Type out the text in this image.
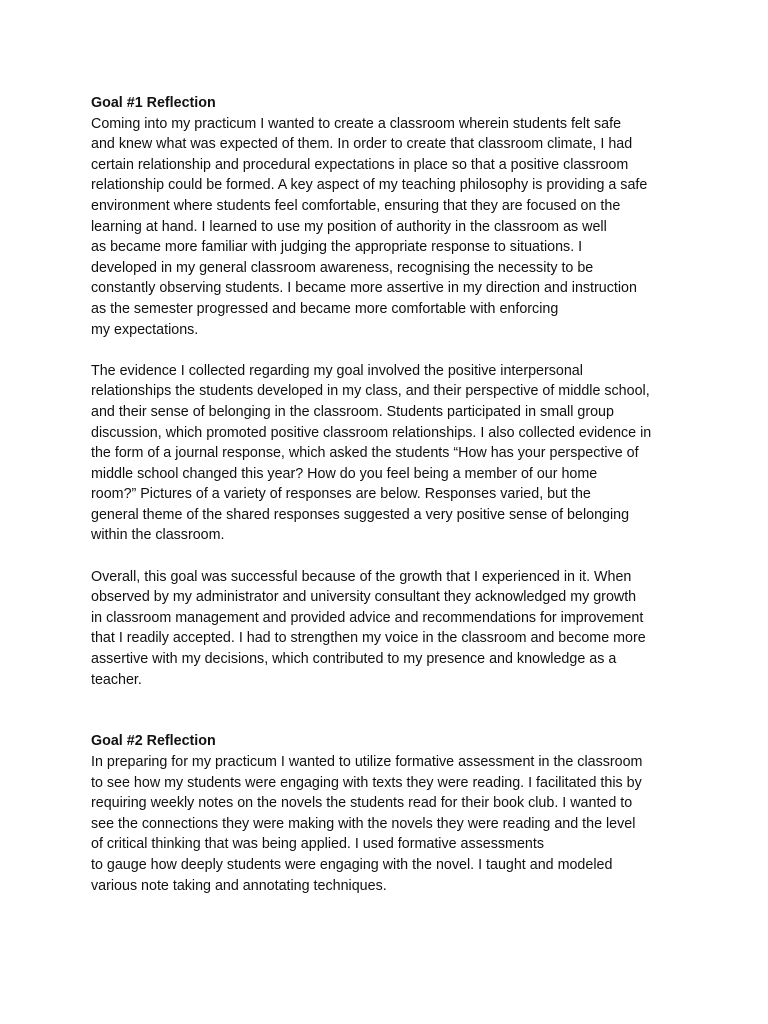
Goal #1 Reflection
Coming into my practicum I wanted to create a classroom wherein students felt safe
and knew what was expected of them. In order to create that classroom climate, I had
certain relationship and procedural expectations in place so that a positive classroom
relationship could be formed. A key aspect of my teaching philosophy is providing a safe
environment where students feel comfortable, ensuring that they are focused on the
learning at hand. I learned to use my position of authority in the classroom as well
as became more familiar with judging the appropriate response to situations. I
developed in my general classroom awareness, recognising the necessity to be
constantly observing students. I became more assertive in my direction and instruction
as the semester progressed and became more comfortable with enforcing
my expectations.
The evidence I collected regarding my goal involved the positive interpersonal
relationships the students developed in my class, and their perspective of middle school,
and their sense of belonging in the classroom. Students participated in small group
discussion, which promoted positive classroom relationships. I also collected evidence in
the form of a journal response, which asked the students “How has your perspective of
middle school changed this year? How do you feel being a member of our home
room?” Pictures of a variety of responses are below. Responses varied, but the
general theme of the shared responses suggested a very positive sense of belonging
within the classroom.
Overall, this goal was successful because of the growth that I experienced in it. When
observed by my administrator and university consultant they acknowledged my growth
in classroom management and provided advice and recommendations for improvement
that I readily accepted. I had to strengthen my voice in the classroom and become more
assertive with my decisions, which contributed to my presence and knowledge as a
teacher.
Goal #2 Reflection
In preparing for my practicum I wanted to utilize formative assessment in the classroom
to see how my students were engaging with texts they were reading. I facilitated this by
requiring weekly notes on the novels the students read for their book club. I wanted to
see the connections they were making with the novels they were reading and the level
of critical thinking that was being applied. I used formative assessments
to gauge how deeply students were engaging with the novel. I taught and modeled
various note taking and annotating techniques.
